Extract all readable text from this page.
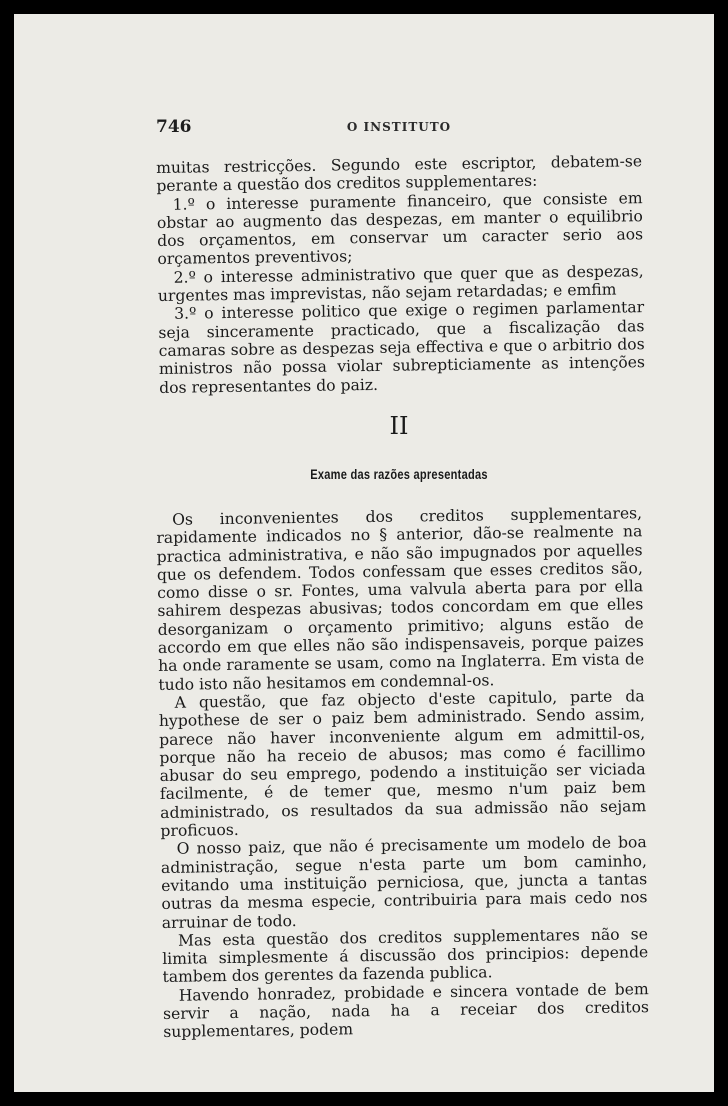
746	O INSTITUTO

muitas restricções. Segundo este escriptor, debatem-se perante a questão dos creditos supplementares:

1.º o interesse puramente financeiro, que consiste em obstar ao augmento das despezas, em manter o equilibrio dos orçamentos, em conservar um caracter serio aos orçamentos preventivos;

2.º o interesse administrativo que quer que as despezas, urgentes mas imprevistas, não sejam retardadas; e emfim

3.º o interesse politico que exige o regimen parlamentar seja sinceramente practicado, que a fiscalização das camaras sobre as despezas seja effectiva e que o arbitrio dos ministros não possa violar subrepticiamente as intenções dos representantes do paiz.

II
Exame das razões apresentadas

Os inconvenientes dos creditos supplementares, rapidamente indicados no § anterior, dão-se realmente na practica administrativa, e não são impugnados por aquelles que os defendem. Todos confessam que esses creditos são, como disse o sr. Fontes, uma valvula aberta para por ella sahirem despezas abusivas; todos concordam em que elles desorganizam o orçamento primitivo; alguns estão de accordo em que elles não são indispensaveis, porque paizes ha onde raramente se usam, como na Inglaterra. Em vista de tudo isto não hesitamos em condemnal-os.

A questão, que faz objecto d'este capitulo, parte da hypothese de ser o paiz bem administrado. Sendo assim, parece não haver inconveniente algum em admittil-os, porque não ha receio de abusos; mas como é facillimo abusar do seu emprego, podendo a instituição ser viciada facilmente, é de temer que, mesmo n'um paiz bem administrado, os resultados da sua admissão não sejam proficuos.

O nosso paiz, que não é precisamente um modelo de boa administração, segue n'esta parte um bom caminho, evitando uma instituição perniciosa, que, juncta a tantas outras da mesma especie, contribuiria para mais cedo nos arruinar de todo.

Mas esta questão dos creditos supplementares não se limita simplesmente á discussão dos principios: depende tambem dos gerentes da fazenda publica.

Havendo honradez, probidade e sincera vontade de bem servir a nação, nada ha a receiar dos creditos supplementares, podem
